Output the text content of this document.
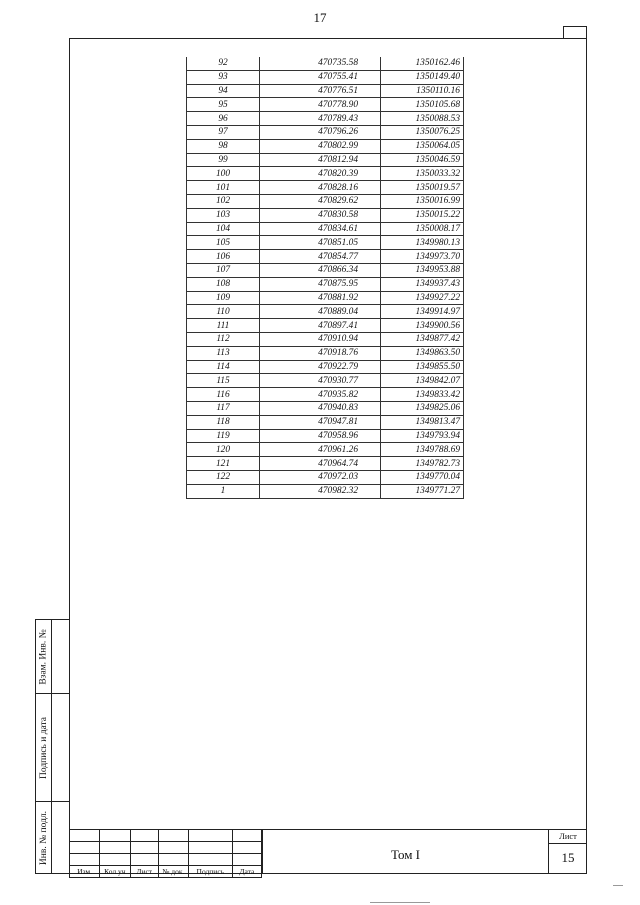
17
92	470735.58	1350162.46
93	470755.41	1350149.40
94	470776.51	1350110.16
95	470778.90	1350105.68
96	470789.43	1350088.53
97	470796.26	1350076.25
98	470802.99	1350064.05
99	470812.94	1350046.59
100	470820.39	1350033.32
101	470828.16	1350019.57
102	470829.62	1350016.99
103	470830.58	1350015.22
104	470834.61	1350008.17
105	470851.05	1349980.13
106	470854.77	1349973.70
107	470866.34	1349953.88
108	470875.95	1349937.43
109	470881.92	1349927.22
110	470889.04	1349914.97
111	470897.41	1349900.56
112	470910.94	1349877.42
113	470918.76	1349863.50
114	470922.79	1349855.50
115	470930.77	1349842.07
116	470935.82	1349833.42
117	470940.83	1349825.06
118	470947.81	1349813.47
119	470958.96	1349793.94
120	470961.26	1349788.69
121	470964.74	1349782.73
122	470972.03	1349770.04
1	470982.32	1349771.27
Взам. Инв. №
Подпись и дата
Инв. № подл.

Изм.	Кол.уч	Лист	№ док.	Подпись	Дата
Том I
Лист
15
